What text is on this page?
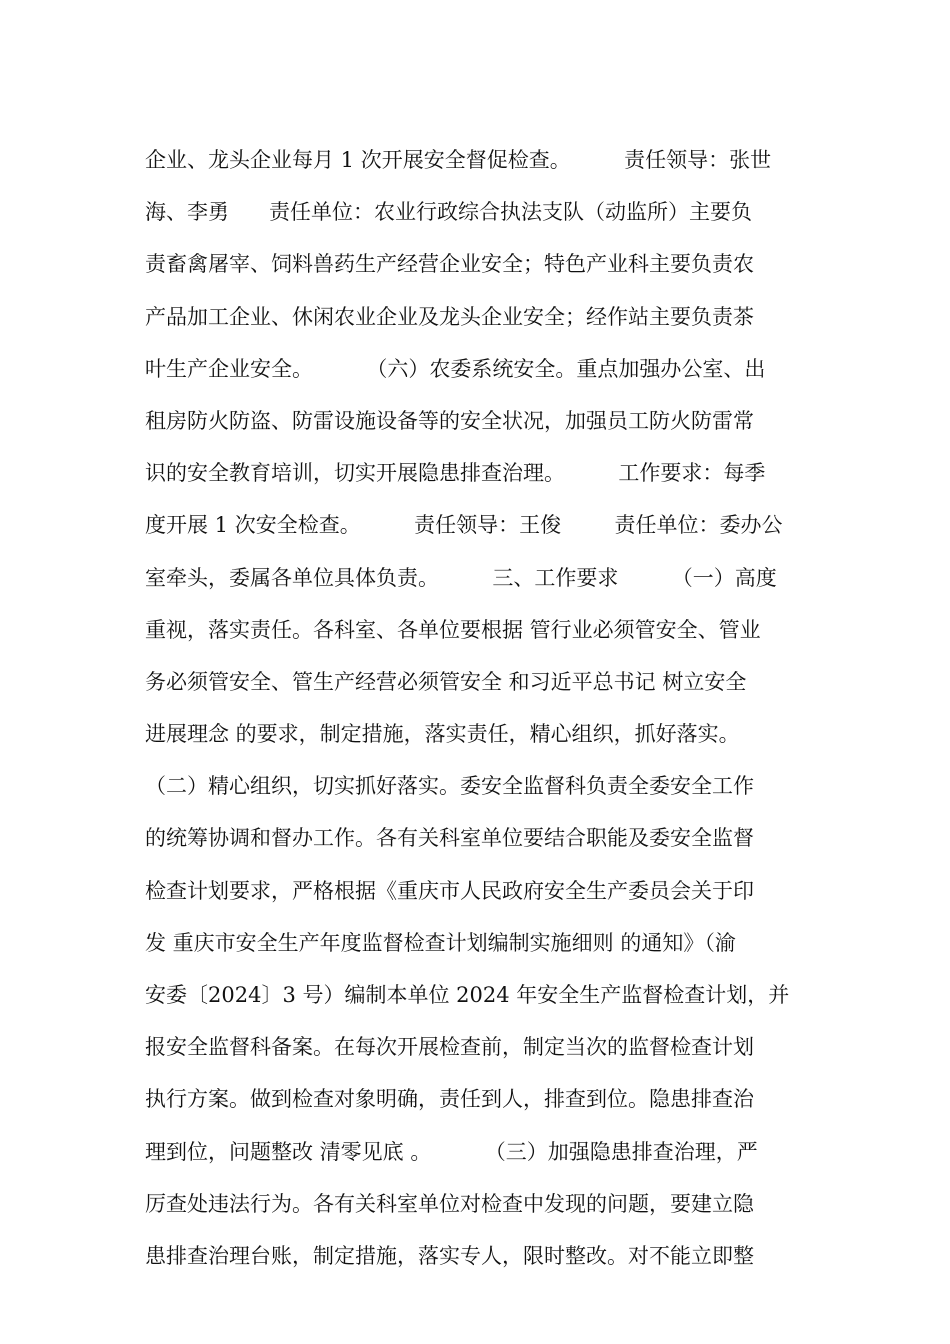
企业、龙头企业每月 1 次开展安全督促检查。        责任领导：张世
海、李勇      责任单位：农业行政综合执法支队（动监所）主要负
责畜禽屠宰、饲料兽药生产经营企业安全；特色产业科主要负责农
产品加工企业、休闲农业企业及龙头企业安全；经作站主要负责茶
叶生产企业安全。        （六）农委系统安全。重点加强办公室、出
租房防火防盗、防雷设施设备等的安全状况，加强员工防火防雷常
识的安全教育培训，切实开展隐患排查治理。        工作要求：每季
度开展 1 次安全检查。        责任领导：王俊        责任单位：委办公
室牵头，委属各单位具体负责。        三、工作要求        （一）高度
重视，落实责任。各科室、各单位要根据 管行业必须管安全、管业
务必须管安全、管生产经营必须管安全 和习近平总书记 树立安全
进展理念 的要求，制定措施，落实责任，精心组织，抓好落实。
（二）精心组织，切实抓好落实。委安全监督科负责全委安全工作
的统筹协调和督办工作。各有关科室单位要结合职能及委安全监督
检查计划要求，严格根据《重庆市人民政府安全生产委员会关于印
发 重庆市安全生产年度监督检查计划编制实施细则 的通知》（渝
安委〔2024〕3 号）编制本单位 2024 年安全生产监督检查计划，并
报安全监督科备案。在每次开展检查前，制定当次的监督检查计划
执行方案。做到检查对象明确，责任到人，排查到位。隐患排查治
理到位，问题整改 清零见底 。        （三）加强隐患排查治理，严
厉查处违法行为。各有关科室单位对检查中发现的问题，要建立隐
患排查治理台账，制定措施，落实专人，限时整改。对不能立即整
